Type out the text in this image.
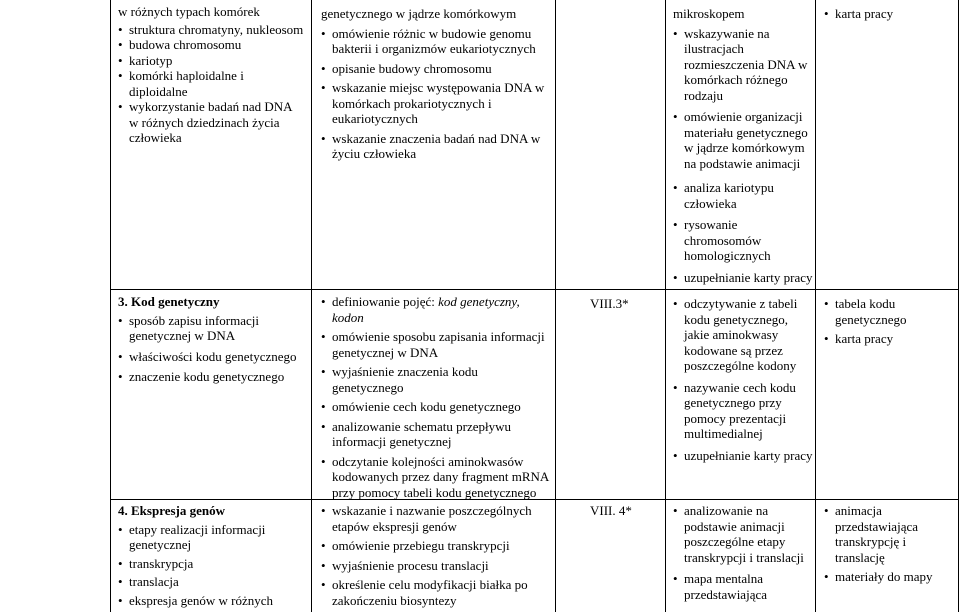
w różnych typach komórek
• struktura chromatyny, nukleosom
• budowa chromosomu
• kariotyp
• komórki haploidalne i diploidalne
• wykorzystanie badań nad DNA w różnych dziedzinach życia człowieka
genetycznego w jądrze komórkowym
• omówienie różnic w budowie genomu bakterii i organizmów eukariotycznych
• opisanie budowy chromosomu
• wskazanie miejsc występowania DNA w komórkach prokariotycznych i eukariotycznych
• wskazanie znaczenia badań nad DNA w życiu człowieka
mikroskopem
• wskazywanie na ilustracjach rozmieszczenia DNA w komórkach różnego rodzaju
• omówienie organizacji materiału genetycznego w jądrze komórkowym na podstawie animacji
• analiza kariotypu człowieka
• rysowanie chromosomów homologicznych
• uzupełnianie karty pracy
• karta pracy
3. Kod genetyczny
• sposób zapisu informacji genetycznej w DNA
• właściwości kodu genetycznego
• znaczenie kodu genetycznego
• definiowanie pojęć: kod genetyczny, kodon
• omówienie sposobu zapisania informacji genetycznej w DNA
• wyjaśnienie znaczenia kodu genetycznego
• omówienie cech kodu genetycznego
• analizowanie schematu przepływu informacji genetycznej
• odczytanie kolejności aminokwasów kodowanych przez dany fragment mRNA przy pomocy tabeli kodu genetycznego
VIII.3*	• odczytywanie z tabeli kodu genetycznego, jakie aminokwasy kodowane są przez poszczególne kodony
• nazywanie cech kodu genetycznego przy pomocy prezentacji multimedialnej
• uzupełnianie karty pracy
• tabela kodu genetycznego
• karta pracy
4. Ekspresja genów
• etapy realizacji informacji genetycznej
• transkrypcja
• translacja
• ekspresja genów w różnych
• wskazanie i nazwanie poszczególnych etapów ekspresji genów
• omówienie przebiegu transkrypcji
• wyjaśnienie procesu translacji
• określenie celu modyfikacji białka po zakończeniu biosyntezy
VIII. 4*	• analizowanie na podstawie animacji poszczególne etapy transkrypcji i translacji
• mapa mentalna przedstawiająca
• animacja przedstawiająca transkrypcję i translację
• materiały do mapy
